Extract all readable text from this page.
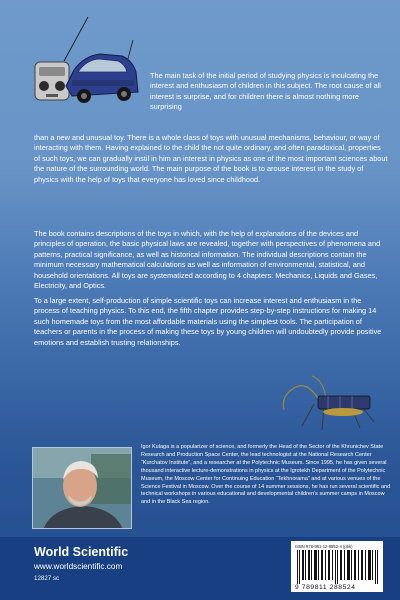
The main task of the initial period of studying physics is inculcating the interest and enthusiasm of children in this subject. The root cause of all interest is surprise, and for children there is almost nothing more surprising

than a new and unusual toy. There is a whole class of toys with unusual mechanisms, behaviour, or way of interacting with them. Having explained to the child the not quite ordinary, and often paradoxical, properties of such toys, we can gradually instil in him an interest in physics as one of the most important sciences about the nature of the surrounding world. The main purpose of the book is to arouse interest in the study of physics with the help of toys that everyone has loved since childhood.

The book contains descriptions of the toys in which, with the help of explanations of the devices and principles of operation, the basic physical laws are revealed, together with perspectives of phenomena and patterns, practical significance, as well as historical information. The individual descriptions contain the minimum necessary mathematical calculations as well as information of environmental, statistical, and household orientations. All toys are systematized according to 4 chapters: Mechanics, Liquids and Gases, Electricity, and Optics.

To a large extent, self-production of simple scientific toys can increase interest and enthusiasm in the process of teaching physics. To this end, the fifth chapter provides step-by-step instructions for making 14 such homemade toys from the most affordable materials using the simplest tools. The participation of teachers or parents in the process of making these toys by young children will undoubtedly provide positive emotions and establish trusting relationships.

Igor Kulaga is a popularizer of science, and formerly the Head of the Sector of the Khrunichev State Research and Production Space Center, the lead technologist at the National Research Center “Kurchatov Institute”, and a researcher at the Polytechnic Museum. Since 1995, he has given several thousand interactive lecture-demonstrations in physics at the Igrotekh Department of the Polytechnic Museum, the Moscow Center for Continuing Education “Tekhnorama” and at various venues of the Science Festival in Moscow. Over the course of 14 summer sessions, he has run several scientific and technical workshops in various educational and developmental children’s summer camps in Moscow and in the Black Sea region.

World Scientific
www.worldscientific.com
12827 sc
ISBN 978-981-12-8852-4 (pbk)
9 789811 288524
